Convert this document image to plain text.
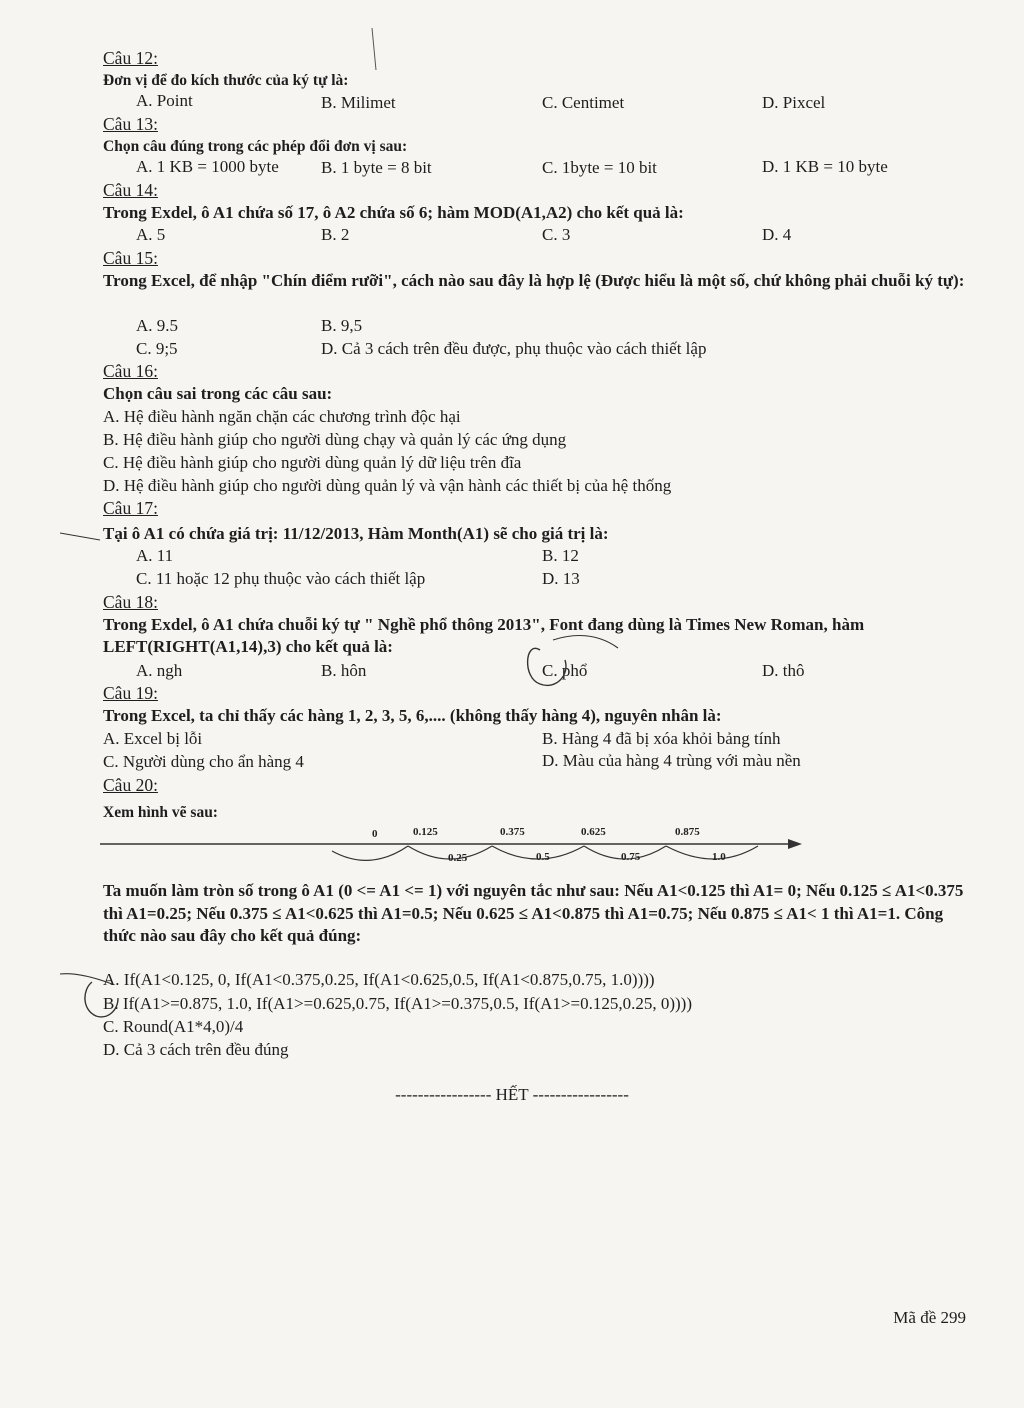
Câu 12:
Đơn vị để đo kích thước của ký tự là:
A. Point	B. Milimet	C. Centimet	D. Pixcel
Câu 13:
Chọn câu đúng trong các phép đổi đơn vị sau:
A. 1 KB = 1000 byte B. 1 byte = 8 bit	C. 1byte = 10 bit	D. 1 KB = 10 byte
Câu 14:
Trong Exdel, ô A1 chứa số 17, ô A2 chứa số 6; hàm MOD(A1,A2) cho kết quả là:
A. 5	B. 2	C. 3	D. 4
Câu 15:
Trong Excel, để nhập "Chín điểm rưỡi", cách nào sau đây là hợp lệ (Được hiểu là một số, chứ không phải chuỗi ký tự):
A. 9.5	B. 9,5
C. 9;5	D. Cả 3 cách trên đều được, phụ thuộc vào cách thiết lập
Câu 16:
Chọn câu sai trong các câu sau:
A. Hệ điều hành ngăn chặn các chương trình độc hại
B. Hệ điều hành giúp cho người dùng chạy và quản lý các ứng dụng
C. Hệ điều hành giúp cho người dùng quản lý dữ liệu trên đĩa
D. Hệ điều hành giúp cho người dùng quản lý và vận hành các thiết bị của hệ thống
Câu 17:
Tại ô A1 có chứa giá trị: 11/12/2013, Hàm Month(A1) sẽ cho giá trị là:
A. 11	B. 12
C. 11 hoặc 12 phụ thuộc vào cách thiết lập	D. 13
Câu 18:
Trong Exdel, ô A1 chứa chuỗi ký tự " Nghề phổ thông 2013", Font đang dùng là Times New Roman, hàm LEFT(RIGHT(A1,14),3) cho kết quả là:
A. ngh	B. hôn	C. phổ	D. thô
Câu 19:
Trong Excel, ta chỉ thấy các hàng 1, 2, 3, 5, 6,.... (không thấy hàng 4), nguyên nhân là:
A. Excel bị lỗi	B. Hàng 4 đã bị xóa khỏi bảng tính
C. Người dùng cho ẩn hàng 4	D. Màu của hàng 4 trùng với màu nền
Câu 20:
Xem hình vẽ sau:
0	0.125	0.375	0.625	0.875
0.25	0.5	0.75	1.0
Ta muốn làm tròn số trong ô A1 (0 <= A1 <= 1) với nguyên tắc như sau: Nếu A1<0.125 thì A1= 0; Nếu 0.125 ≤ A1<0.375 thì A1=0.25; Nếu 0.375 ≤ A1<0.625 thì A1=0.5; Nếu 0.625 ≤ A1<0.875 thì A1=0.75; Nếu 0.875 ≤ A1< 1 thì A1=1. Công thức nào sau đây cho kết quả đúng:
A. If(A1<0.125, 0, If(A1<0.375,0.25, If(A1<0.625,0.5, If(A1<0.875,0.75, 1.0))))
B. If(A1>=0.875, 1.0, If(A1>=0.625,0.75, If(A1>=0.375,0.5, If(A1>=0.125,0.25, 0))))
C. Round(A1*4,0)/4
D. Cả 3 cách trên đều đúng
----------------- HẾT -----------------
Mã đề 299
